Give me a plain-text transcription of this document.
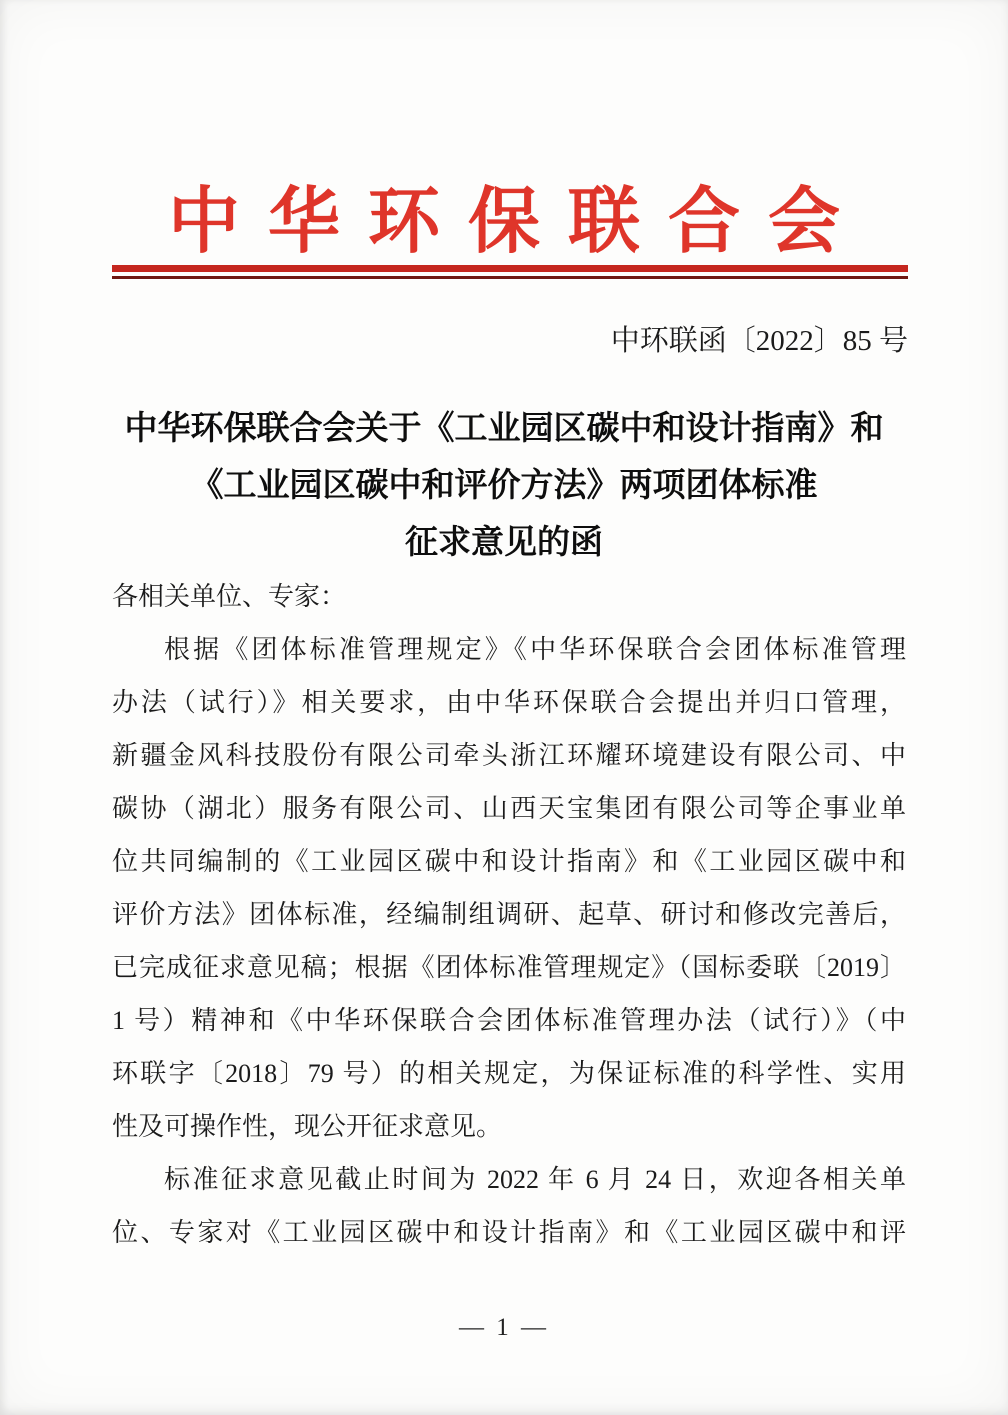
中华环保联合会
中环联函〔2022〕85 号
中华环保联合会关于《工业园区碳中和设计指南》和
《工业园区碳中和评价方法》两项团体标准
征求意见的函
各相关单位、专家：
根据《团体标准管理规定》《中华环保联合会团体标准管理
办法（试行）》相关要求，由中华环保联合会提出并归口管理，
新疆金风科技股份有限公司牵头浙江环耀环境建设有限公司、中
碳协（湖北）服务有限公司、山西天宝集团有限公司等企事业单
位共同编制的《工业园区碳中和设计指南》和《工业园区碳中和
评价方法》团体标准，经编制组调研、起草、研讨和修改完善后，
已完成征求意见稿；根据《团体标准管理规定》（国标委联〔2019〕
1 号）精神和《中华环保联合会团体标准管理办法（试行）》（中
环联字〔2018〕79 号）的相关规定，为保证标准的科学性、实用
性及可操作性，现公开征求意见。
标准征求意见截止时间为 2022 年 6 月 24 日，欢迎各相关单
位、专家对《工业园区碳中和设计指南》和《工业园区碳中和评
— 1 —
